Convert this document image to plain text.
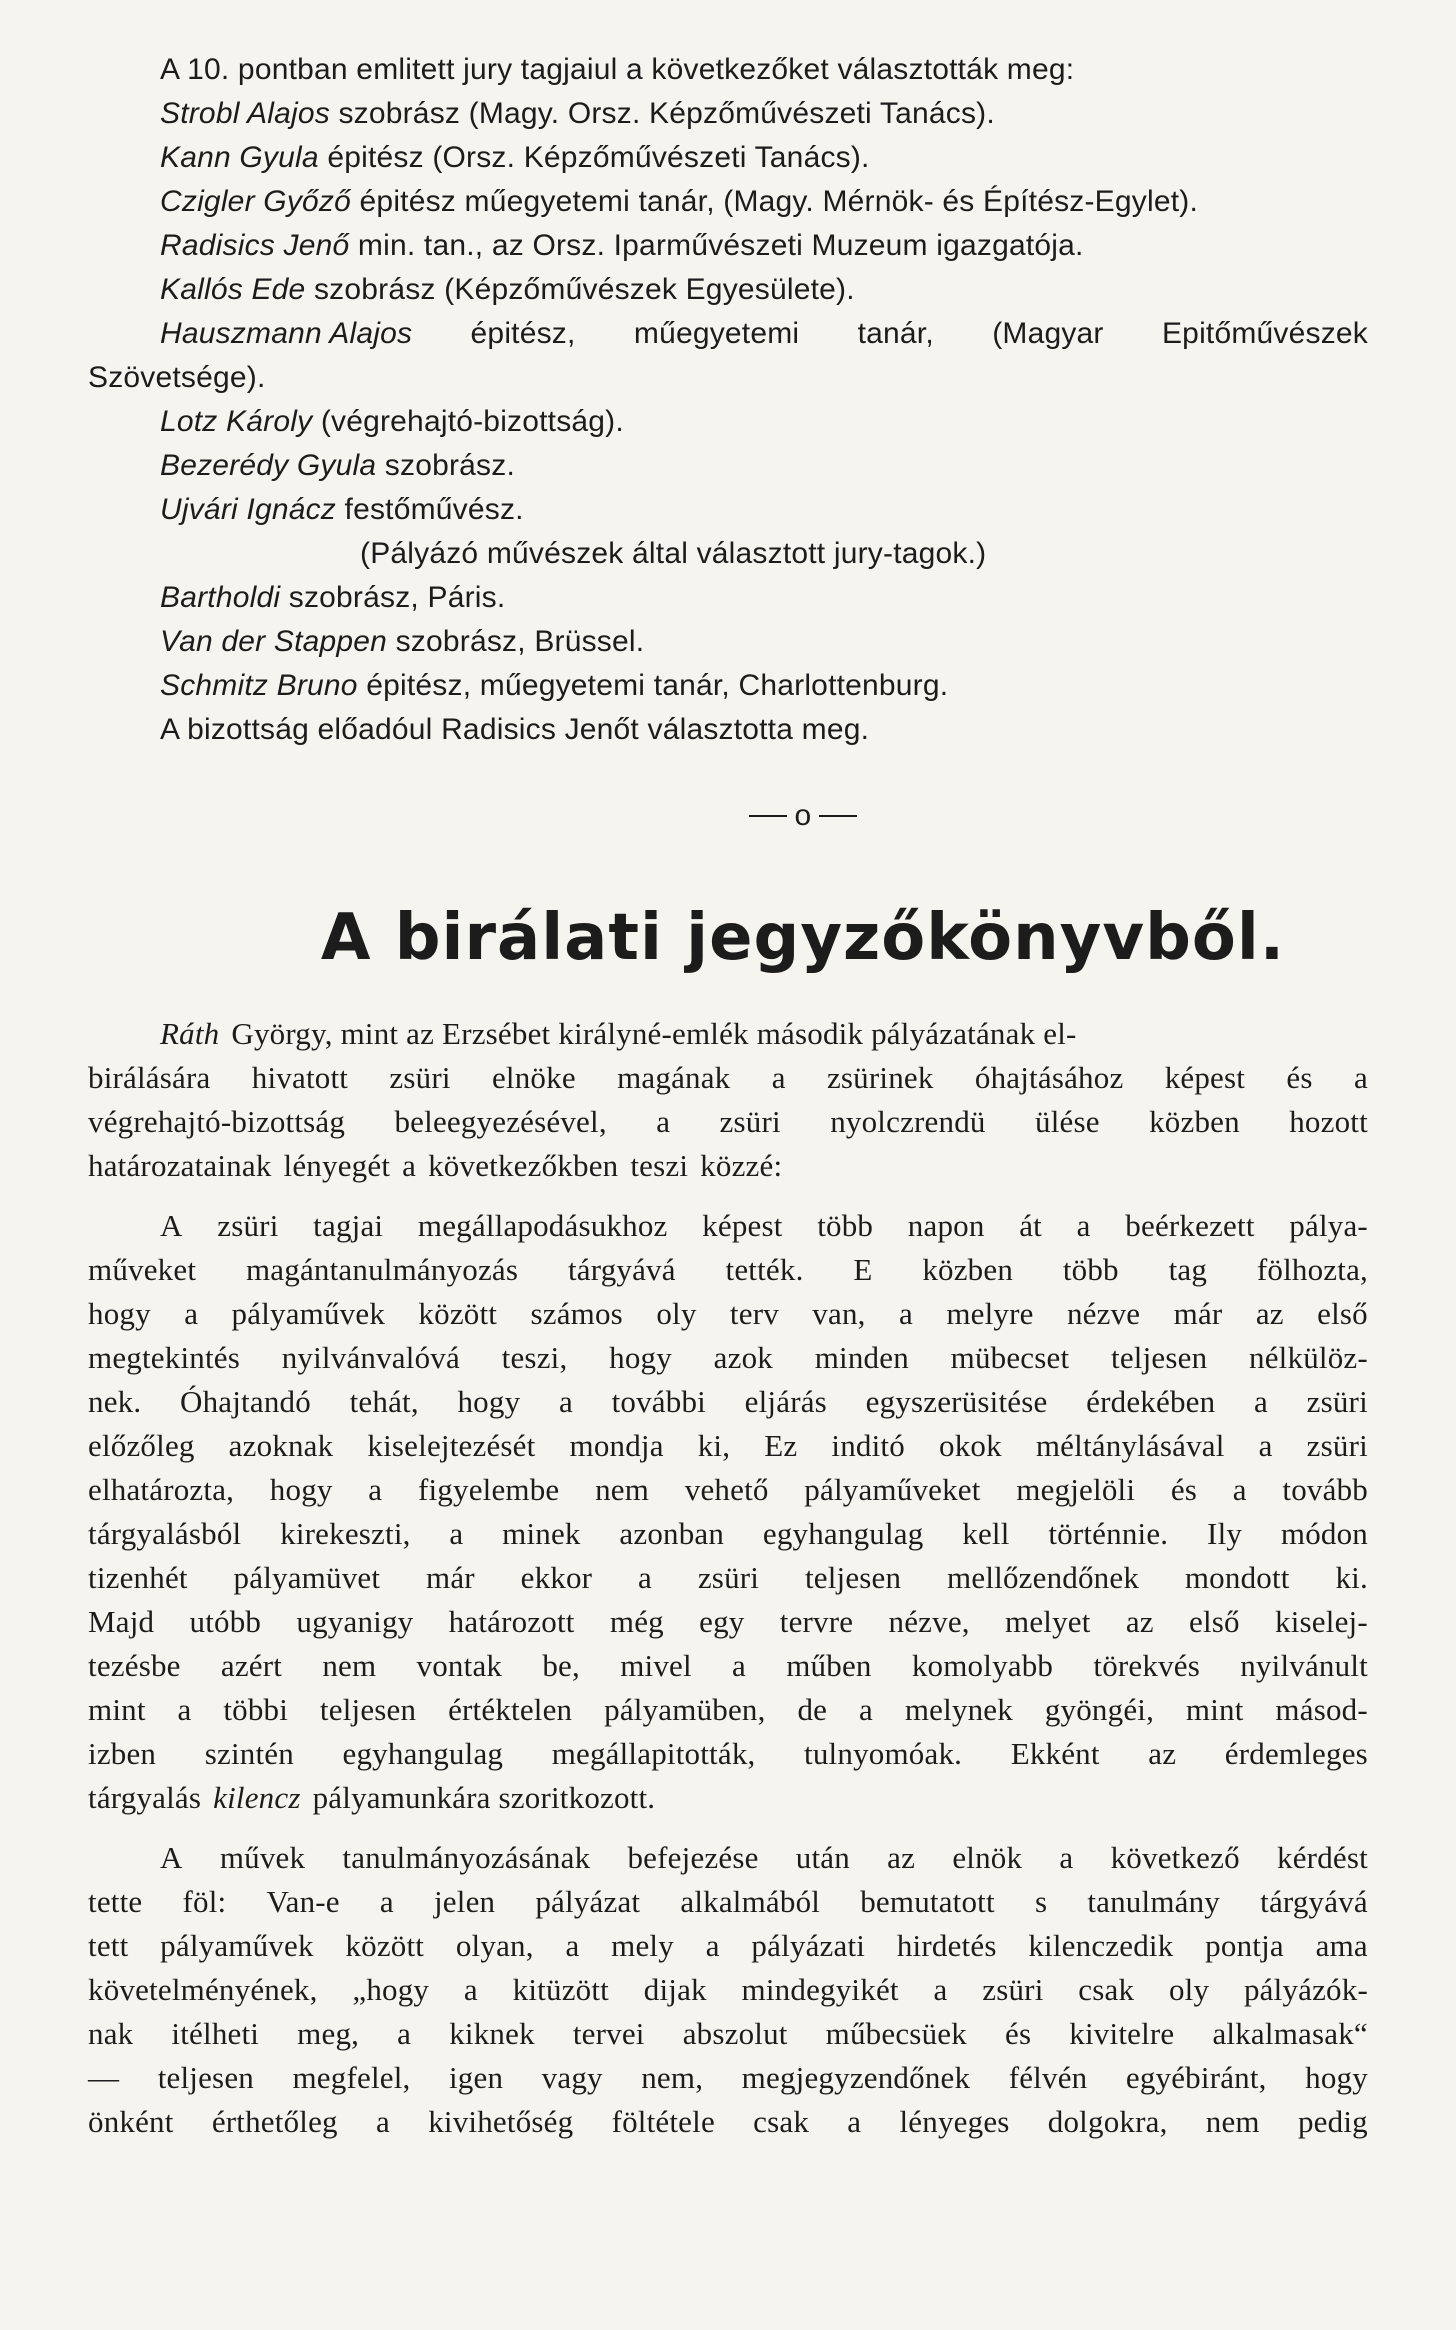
A 10. pontban emlitett jury tagjaiul a következőket választották meg:
Strobl Alajos szobrász (Magy. Orsz. Képzőművészeti Tanács).
Kann Gyula épitész (Orsz. Képzőművészeti Tanács).
Czigler Győző épitész műegyetemi tanár, (Magy. Mérnök- és Építész-Egylet).
Radisics Jenő min. tan., az Orsz. Iparművészeti Muzeum igazgatója.
Kallós Ede szobrász (Képzőművészek Egyesülete).
Hauszmann Alajos épitész, műegyetemi tanár, (Magyar Epitőművészek
Szövetsége).
Lotz Károly (végrehajtó-bizottság).
Bezerédy Gyula szobrász.
Ujvári Ignácz festőművész.
(Pályázó művészek által választott jury-tagok.)
Bartholdi szobrász, Páris.
Van der Stappen szobrász, Brüssel.
Schmitz Bruno épitész, műegyetemi tanár, Charlottenburg.
A bizottság előadóul Radisics Jenőt választotta meg.
o
A birálati jegyzőkönyvből.
Ráth György, mint az Erzsébet királyné-emlék második pályázatának el-
birálására hivatott zsüri elnöke magának a zsürinek óhajtásához képest és a
végrehajtó-bizottság beleegyezésével, a zsüri nyolczrendü ülése közben hozott
határozatainak lényegét a következőkben teszi közzé:
A zsüri tagjai megállapodásukhoz képest több napon át a beérkezett pálya-
műveket magántanulmányozás tárgyává tették. E közben több tag fölhozta,
hogy a pályaművek között számos oly terv van, a melyre nézve már az első
megtekintés nyilvánvalóvá teszi, hogy azok minden mübecset teljesen nélkülöz-
nek. Óhajtandó tehát, hogy a további eljárás egyszerüsitése érdekében a zsüri
előzőleg azoknak kiselejtezését mondja ki, Ez inditó okok méltánylásával a zsüri
elhatározta, hogy a figyelembe nem vehető pályaműveket megjelöli és a tovább
tárgyalásból kirekeszti, a minek azonban egyhangulag kell történnie. Ily módon
tizenhét pályamüvet már ekkor a zsüri teljesen mellőzendőnek mondott ki.
Majd utóbb ugyanigy határozott még egy tervre nézve, melyet az első kiselej-
tezésbe azért nem vontak be, mivel a műben komolyabb törekvés nyilvánult
mint a többi teljesen értéktelen pályamüben, de a melynek gyöngéi, mint másod-
izben szintén egyhangulag megállapitották, tulnyomóak. Ekként az érdemleges
tárgyalás kilencz pályamunkára szoritkozott.
A művek tanulmányozásának befejezése után az elnök a következő kérdést
tette föl: Van-e a jelen pályázat alkalmából bemutatott s tanulmány tárgyává
tett pályaművek között olyan, a mely a pályázati hirdetés kilenczedik pontja ama
követelményének, „hogy a kitüzött dijak mindegyikét a zsüri csak oly pályázók-
nak itélheti meg, a kiknek tervei abszolut műbecsüek és kivitelre alkalmasak“
— teljesen megfelel, igen vagy nem, megjegyzendőnek félvén egyébiránt, hogy
önként érthetőleg a kivihetőség föltétele csak a lényeges dolgokra, nem pedig
